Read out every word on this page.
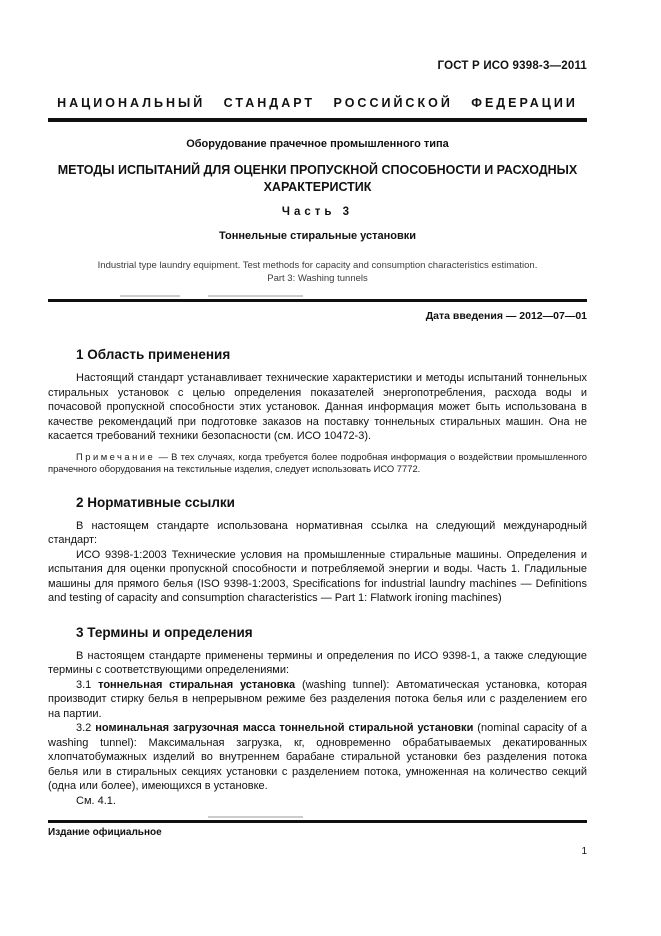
ГОСТ Р ИСО 9398-3—2011
НАЦИОНАЛЬНЫЙ СТАНДАРТ РОССИЙСКОЙ ФЕДЕРАЦИИ
Оборудование прачечное промышленного типа
МЕТОДЫ ИСПЫТАНИЙ ДЛЯ ОЦЕНКИ ПРОПУСКНОЙ СПОСОБНОСТИ И РАСХОДНЫХ ХАРАКТЕРИСТИК
Часть 3
Тоннельные стиральные установки
Industrial type laundry equipment. Test methods for capacity and consumption characteristics estimation.
Part 3: Washing tunnels
Дата введения — 2012—07—01
1 Область применения

Настоящий стандарт устанавливает технические характеристики и методы испытаний тоннельных стиральных установок с целью определения показателей энергопотребления, расхода воды и почасовой пропускной способности этих установок. Данная информация может быть использована в качестве рекомендаций при подготовке заказов на поставку тоннельных стиральных машин. Она не касается требований техники безопасности (см. ИСО 10472-3).

Примечание — В тех случаях, когда требуется более подробная информация о воздействии промышленного прачечного оборудования на текстильные изделия, следует использовать ИСО 7772.

2 Нормативные ссылки

В настоящем стандарте использована нормативная ссылка на следующий международный стандарт:

ИСО 9398-1:2003 Технические условия на промышленные стиральные машины. Определения и испытания для оценки пропускной способности и потребляемой энергии и воды. Часть 1. Гладильные машины для прямого белья (ISO 9398-1:2003, Specifications for industrial laundry machines — Definitions and testing of capacity and consumption characteristics — Part 1: Flatwork ironing machines)

3 Термины и определения

В настоящем стандарте применены термины и определения по ИСО 9398-1, а также следующие термины с соответствующими определениями:

3.1 тоннельная стиральная установка (washing tunnel): Автоматическая установка, которая производит стирку белья в непрерывном режиме без разделения потока белья или с разделением его на партии.

3.2 номинальная загрузочная масса тоннельной стиральной установки (nominal capacity of a washing tunnel): Максимальная загрузка, кг, одновременно обрабатываемых декатированных хлопчатобумажных изделий во внутреннем барабане стиральной установки без разделения потока белья или в стиральных секциях установки с разделением потока, умноженная на количество секций (одна или более), имеющихся в установке.

См. 4.1.

Издание официальное
1
